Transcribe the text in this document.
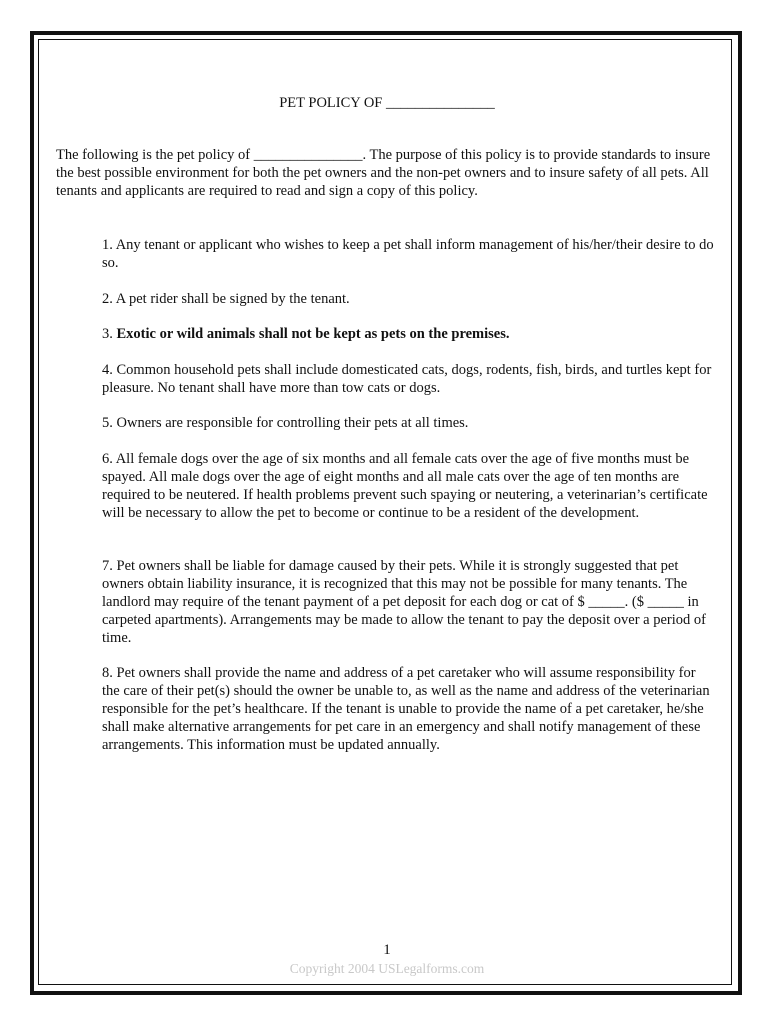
PET POLICY OF _______________

The following is the pet policy of _______________. The purpose of this policy is to provide standards to insure the best possible environment for both the pet owners and the non-pet owners and to insure safety of all pets. All tenants and applicants are required to read and sign a copy of this policy.

1. Any tenant or applicant who wishes to keep a pet shall inform management of his/her/their desire to do so.

2. A pet rider shall be signed by the tenant.

3. Exotic or wild animals shall not be kept as pets on the premises.

4. Common household pets shall include domesticated cats, dogs, rodents, fish, birds, and turtles kept for pleasure. No tenant shall have more than tow cats or dogs.

5. Owners are responsible for controlling their pets at all times.

6. All female dogs over the age of six months and all female cats over the age of five months must be spayed. All male dogs over the age of eight months and all male cats over the age of ten months are required to be neutered. If health problems prevent such spaying or neutering, a veterinarian’s certificate will be necessary to allow the pet to become or continue to be a resident of the development.

7. Pet owners shall be liable for damage caused by their pets. While it is strongly suggested that pet owners obtain liability insurance, it is recognized that this may not be possible for many tenants. The landlord may require of the tenant payment of a pet deposit for each dog or cat of $ _____. ($ _____ in carpeted apartments). Arrangements may be made to allow the tenant to pay the deposit over a period of time.

8. Pet owners shall provide the name and address of a pet caretaker who will assume responsibility for the care of their pet(s) should the owner be unable to, as well as the name and address of the veterinarian responsible for the pet’s healthcare. If the tenant is unable to provide the name of a pet caretaker, he/she shall make alternative arrangements for pet care in an emergency and shall notify management of these arrangements. This information must be updated annually.

1
Copyright 2004 USLegalforms.com
